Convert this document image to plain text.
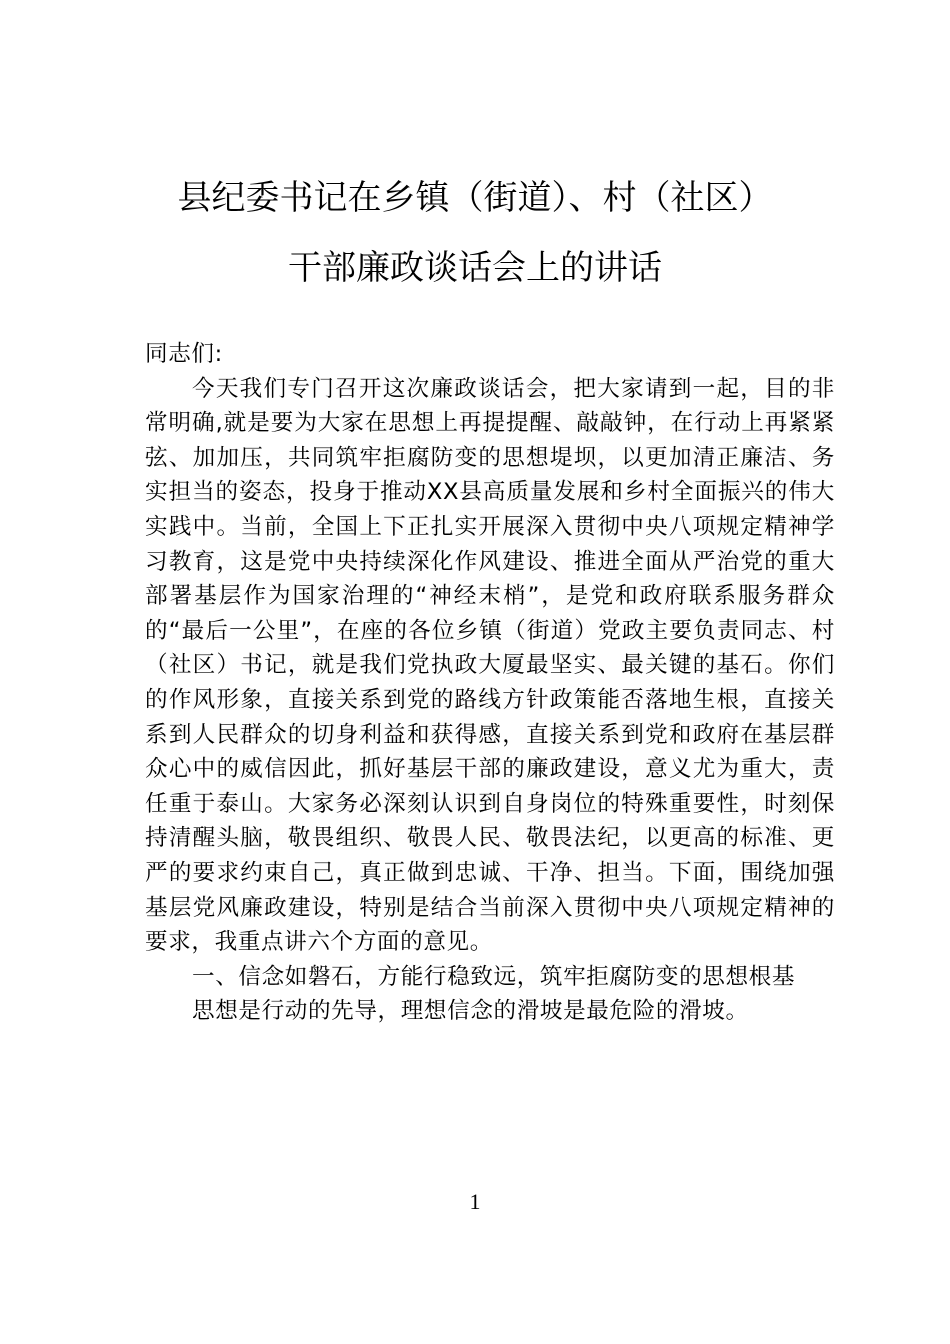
县纪委书记在乡镇（街道）、村（社区）
干部廉政谈话会上的讲话

同志们:

今天我们专门召开这次廉政谈话会，把大家请到一起，目的非常明确,就是要为大家在思想上再提提醒、敲敲钟，在行动上再紧紧弦、加加压，共同筑牢拒腐防变的思想堤坝，以更加清正廉洁、务实担当的姿态，投身于推动XX县高质量发展和乡村全面振兴的伟大实践中。当前，全国上下正扎实开展深入贯彻中央八项规定精神学习教育，这是党中央持续深化作风建设、推进全面从严治党的重大部署基层作为国家治理的“神经末梢”，是党和政府联系服务群众的“最后一公里”，在座的各位乡镇（街道）党政主要负责同志、村（社区）书记，就是我们党执政大厦最坚实、最关键的基石。你们的作风形象，直接关系到党的路线方针政策能否落地生根，直接关系到人民群众的切身利益和获得感，直接关系到党和政府在基层群众心中的威信因此，抓好基层干部的廉政建设，意义尤为重大，责任重于泰山。大家务必深刻认识到自身岗位的特殊重要性，时刻保持清醒头脑，敬畏组织、敬畏人民、敬畏法纪，以更高的标准、更严的要求约束自己，真正做到忠诚、干净、担当。下面，围绕加强基层党风廉政建设，特别是结合当前深入贯彻中央八项规定精神的要求，我重点讲六个方面的意见。

一、信念如磐石，方能行稳致远，筑牢拒腐防变的思想根基

思想是行动的先导，理想信念的滑坡是最危险的滑坡。

1
